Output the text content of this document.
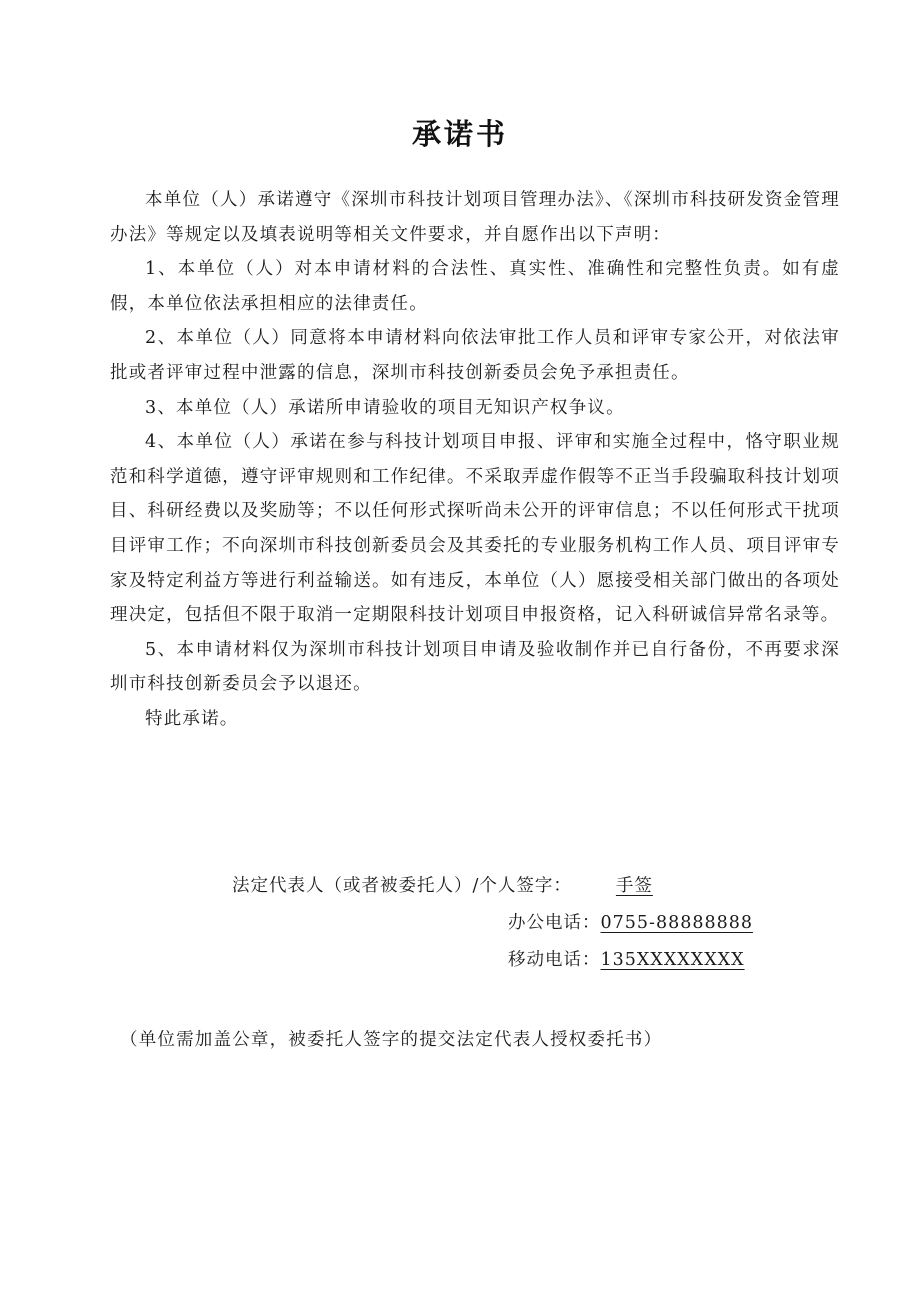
承诺书

本单位（人）承诺遵守《深圳市科技计划项目管理办法》、《深圳市科技研发资金管理办法》等规定以及填表说明等相关文件要求，并自愿作出以下声明：

1、本单位（人）对本申请材料的合法性、真实性、准确性和完整性负责。如有虚假，本单位依法承担相应的法律责任。

2、本单位（人）同意将本申请材料向依法审批工作人员和评审专家公开，对依法审批或者评审过程中泄露的信息，深圳市科技创新委员会免予承担责任。

3、本单位（人）承诺所申请验收的项目无知识产权争议。

4、本单位（人）承诺在参与科技计划项目申报、评审和实施全过程中，恪守职业规范和科学道德，遵守评审规则和工作纪律。不采取弄虚作假等不正当手段骗取科技计划项目、科研经费以及奖励等；不以任何形式探听尚未公开的评审信息；不以任何形式干扰项目评审工作；不向深圳市科技创新委员会及其委托的专业服务机构工作人员、项目评审专家及特定利益方等进行利益输送。如有违反，本单位（人）愿接受相关部门做出的各项处理决定，包括但不限于取消一定期限科技计划项目申报资格，记入科研诚信异常名录等。

5、本申请材料仅为深圳市科技计划项目申请及验收制作并已自行备份，不再要求深圳市科技创新委员会予以退还。

特此承诺。

法定代表人（或者被委托人）/个人签字：	手签
办公电话：0755-88888888
移动电话：135XXXXXXXX
（单位需加盖公章，被委托人签字的提交法定代表人授权委托书）
